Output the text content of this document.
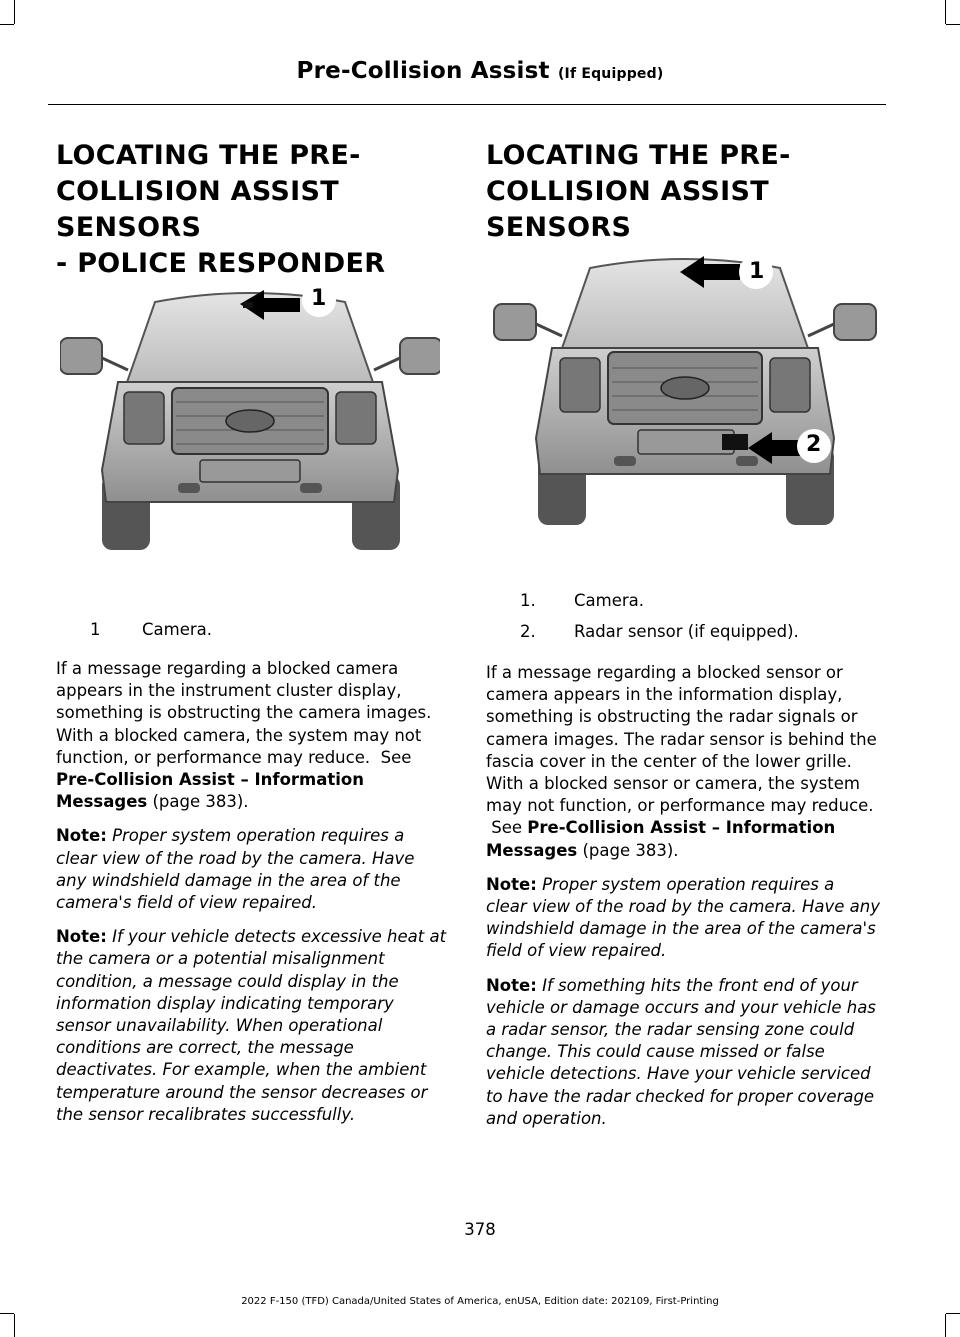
Pre-Collision Assist (If Equipped)
LOCATING THE PRE-
COLLISION ASSIST SENSORS
- POLICE RESPONDER
1
1	Camera.

If a message regarding a blocked camera appears in the instrument cluster display, something is obstructing the camera images. With a blocked camera, the system may not function, or performance may reduce. See Pre-Collision Assist – Information Messages (page 383).

Note: Proper system operation requires a clear view of the road by the camera. Have any windshield damage in the area of the camera's field of view repaired.

Note: If your vehicle detects excessive heat at the camera or a potential misalignment condition, a message could display in the information display indicating temporary sensor unavailability. When operational conditions are correct, the message deactivates. For example, when the ambient temperature around the sensor decreases or the sensor recalibrates successfully.

LOCATING THE PRE-
COLLISION ASSIST SENSORS
1
2
1. Camera.
2. Radar sensor (if equipped).

If a message regarding a blocked sensor or camera appears in the information display, something is obstructing the radar signals or camera images. The radar sensor is behind the fascia cover in the center of the lower grille. With a blocked sensor or camera, the system may not function, or performance may reduce.  See Pre-Collision Assist – Information Messages (page 383).

Note: Proper system operation requires a clear view of the road by the camera. Have any windshield damage in the area of the camera's field of view repaired.

Note: If something hits the front end of your vehicle or damage occurs and your vehicle has a radar sensor, the radar sensing zone could change. This could cause missed or false vehicle detections. Have your vehicle serviced to have the radar checked for proper coverage and operation.

378
2022 F-150 (TFD) Canada/United States of America, enUSA, Edition date: 202109, First-Printing
